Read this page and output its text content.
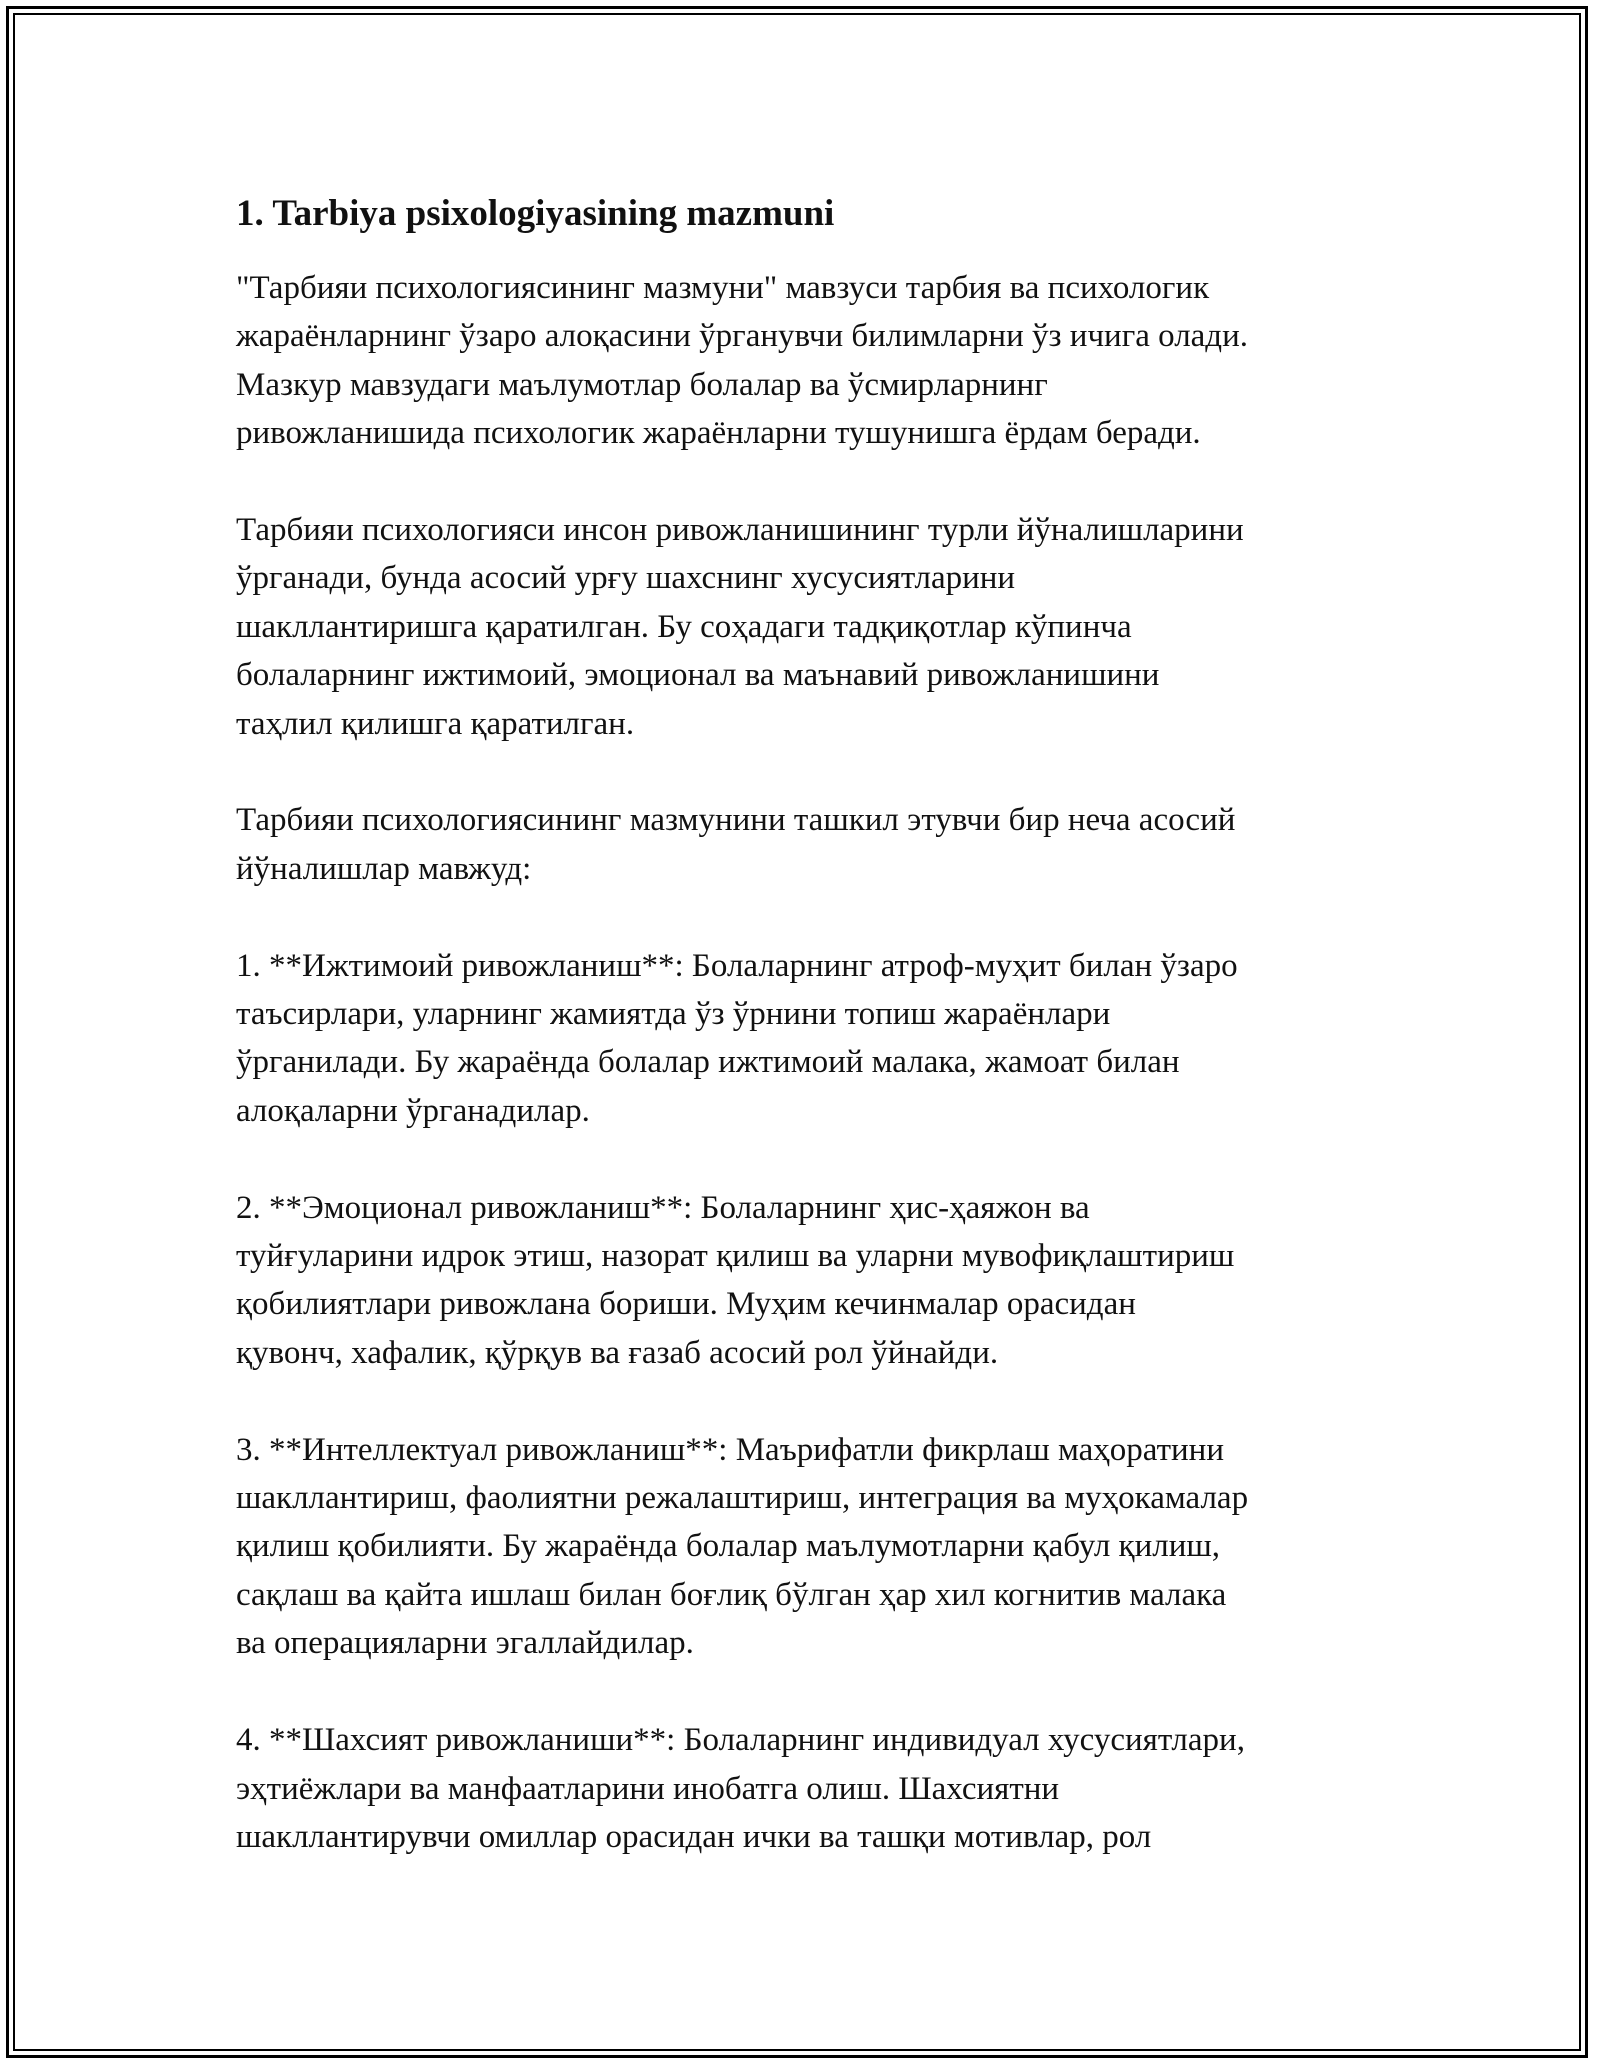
1. Tarbiya psixologiyasining mazmuni

"Тарбияи психологиясининг мазмуни" мавзуси тарбия ва психологик
жараёнларнинг ўзаро алоқасини ўрганувчи билимларни ўз ичига олади.
Мазкур мавзудаги маълумотлар болалар ва ўсмирларнинг
ривожланишида психологик жараёнларни тушунишга ёрдам беради.

Тарбияи психологияси инсон ривожланишининг турли йўналишларини
ўрганади, бунда асосий урғу шахснинг хусусиятларини
шакллантиришга қаратилган. Бу соҳадаги тадқиқотлар кўпинча
болаларнинг ижтимоий, эмоционал ва маънавий ривожланишини
таҳлил қилишга қаратилган.

Тарбияи психологиясининг мазмунини ташкил этувчи бир неча асосий
йўналишлар мавжуд:

1. **Ижтимоий ривожланиш**: Болаларнинг атроф-муҳит билан ўзаро
таъсирлари, уларнинг жамиятда ўз ўрнини топиш жараёнлари
ўрганилади. Бу жараёнда болалар ижтимоий малака, жамоат билан
алоқаларни ўрганадилар.

2. **Эмоционал ривожланиш**: Болаларнинг ҳис-ҳаяжон ва
туйғуларини идрок этиш, назорат қилиш ва уларни мувофиқлаштириш
қобилиятлари ривожлана бориши. Муҳим кечинмалар орасидан
қувонч, хафалик, қўрқув ва ғазаб асосий рол ўйнайди.

3. **Интеллектуал ривожланиш**: Маърифатли фикрлаш маҳоратини
шакллантириш, фаолиятни режалаштириш, интеграция ва муҳокамалар
қилиш қобилияти. Бу жараёнда болалар маълумотларни қабул қилиш,
сақлаш ва қайта ишлаш билан боғлиқ бўлган ҳар хил когнитив малака
ва операцияларни эгаллайдилар.

4. **Шахсият ривожланиши**: Болаларнинг индивидуал хусусиятлари,
эҳтиёжлари ва манфаатларини инобатга олиш. Шахсиятни
шакллантирувчи омиллар орасидан ички ва ташқи мотивлар, рол
